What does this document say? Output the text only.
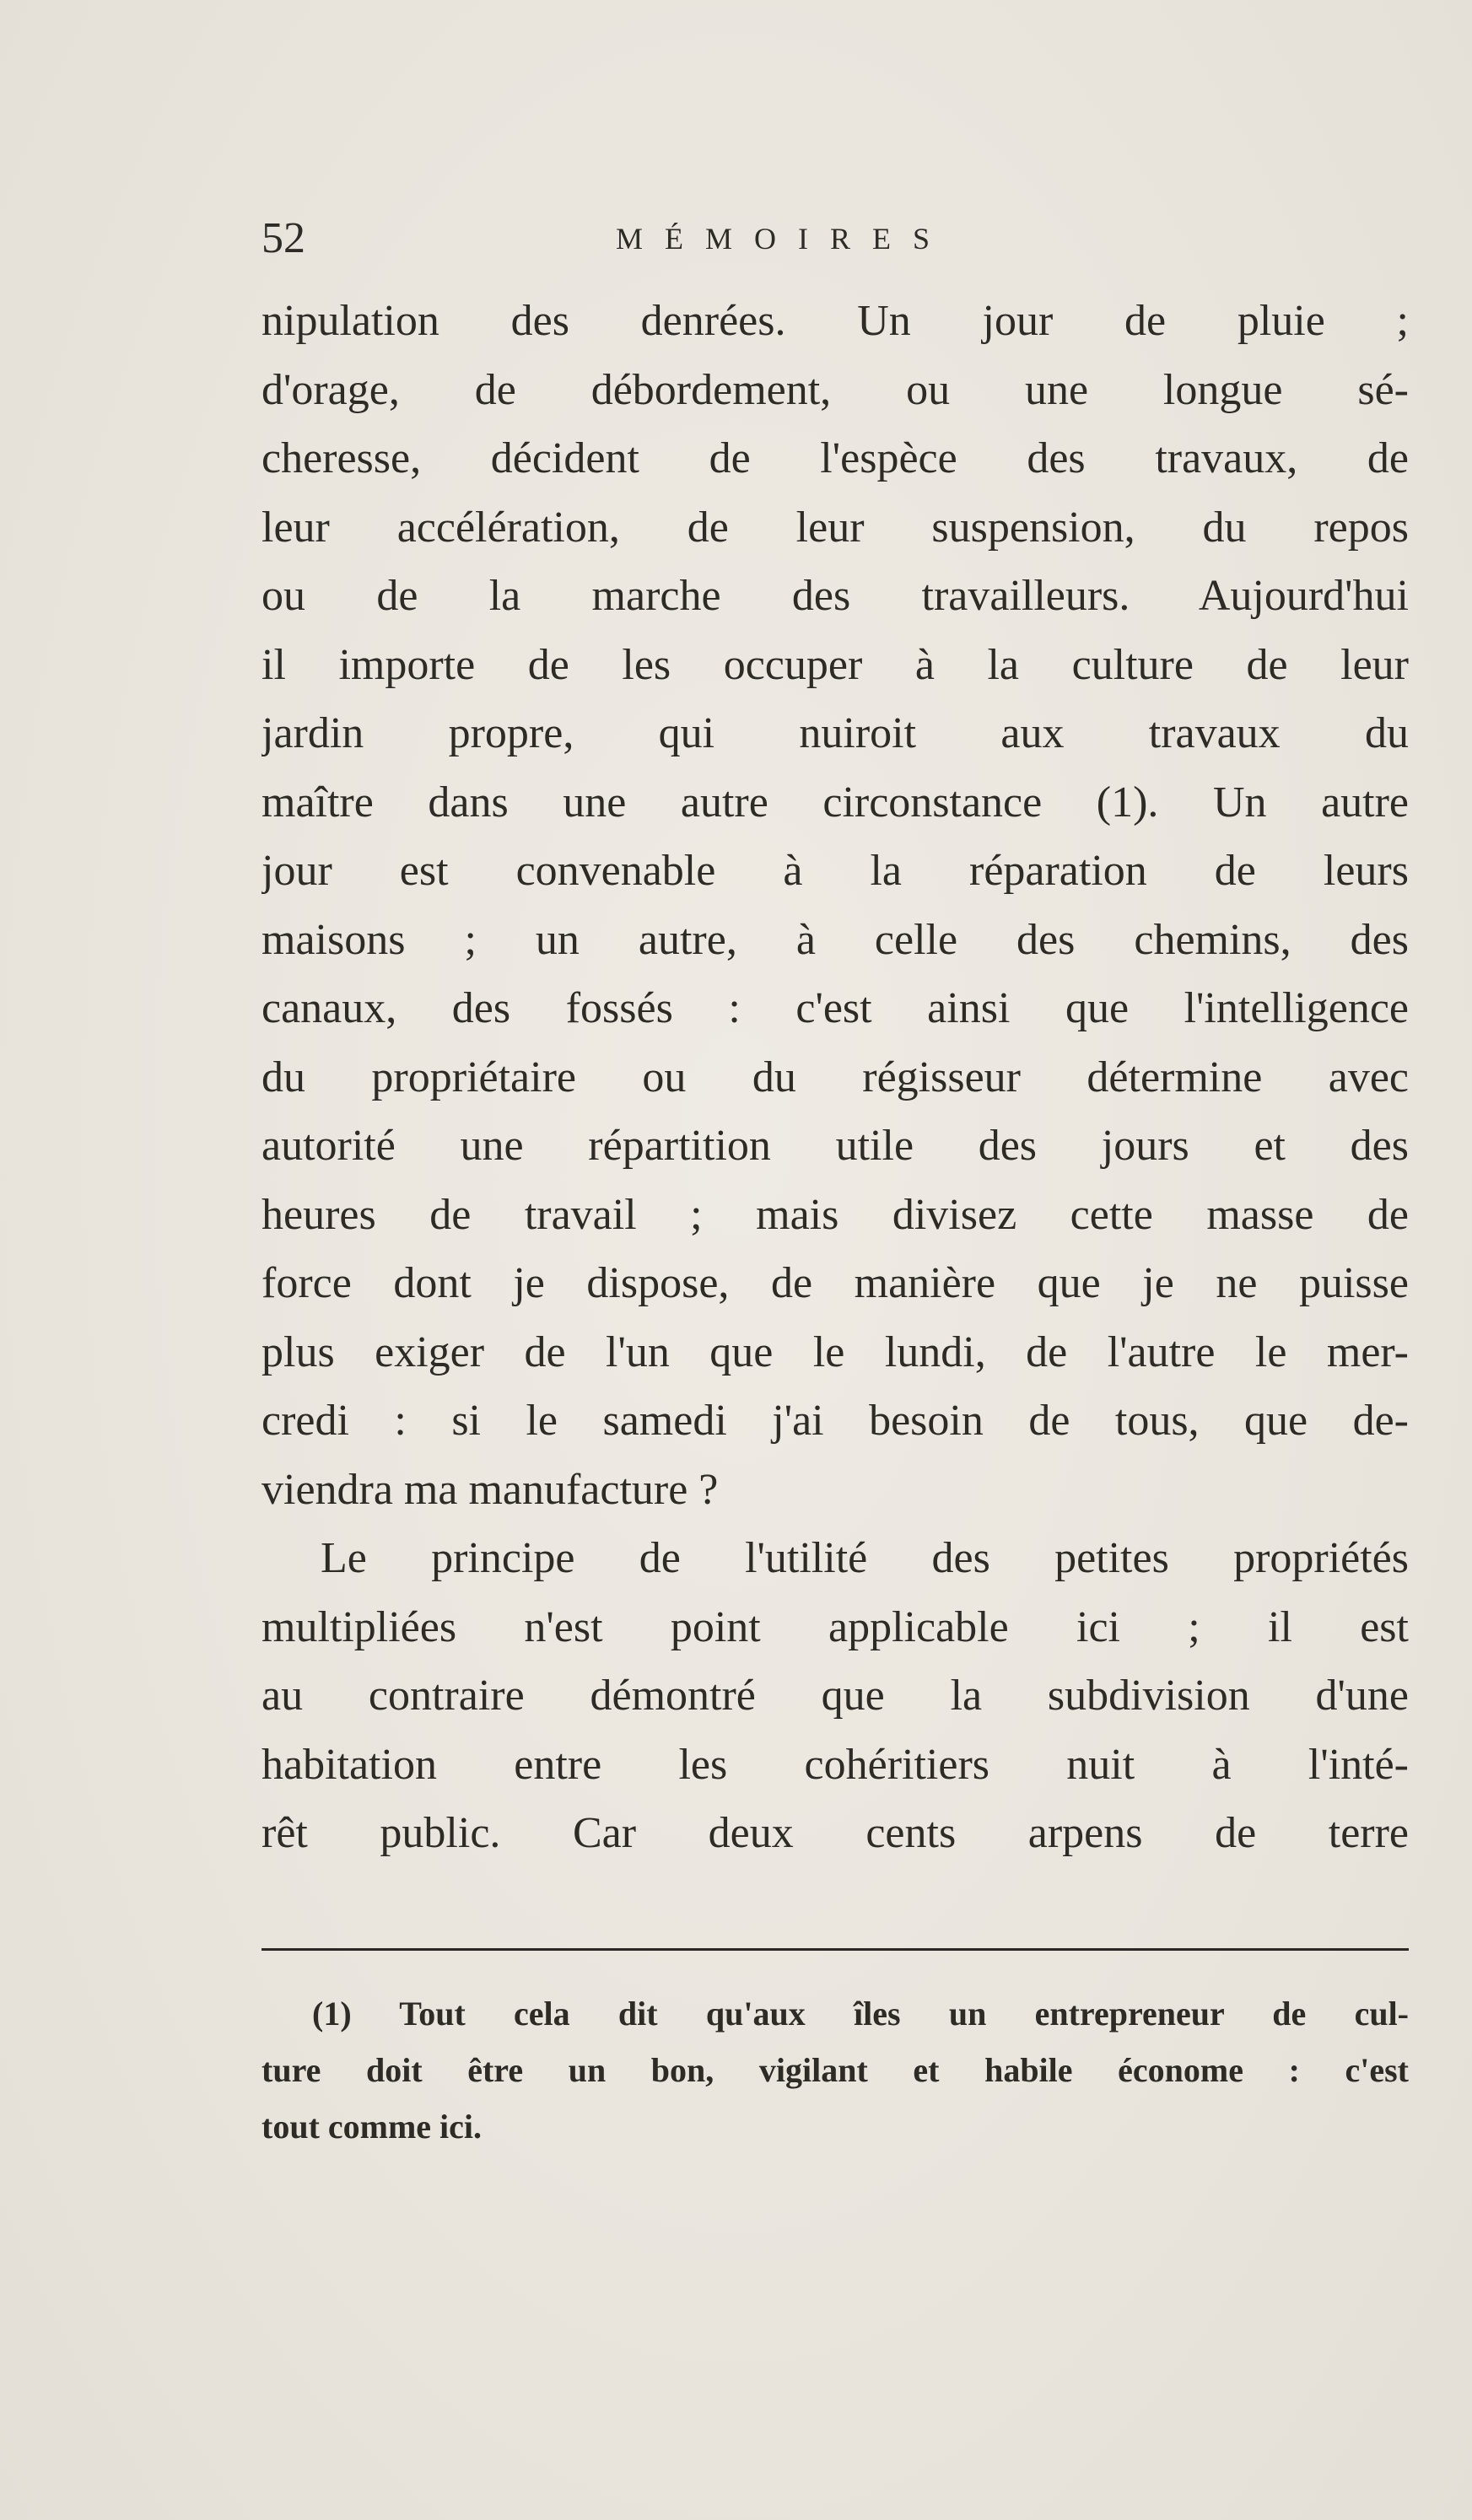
52	MÉMOIRES
nipulation des denrées. Un jour de pluie ;
d'orage, de débordement, ou une longue sé-
cheresse, décident de l'espèce des travaux, de
leur accélération, de leur suspension, du repos
ou de la marche des travailleurs. Aujourd'hui
il importe de les occuper à la culture de leur
jardin propre, qui nuiroit aux travaux du
maître dans une autre circonstance (1). Un autre
jour est convenable à la réparation de leurs
maisons ; un autre, à celle des chemins, des
canaux, des fossés : c'est ainsi que l'intelligence
du propriétaire ou du régisseur détermine avec
autorité une répartition utile des jours et des
heures de travail ; mais divisez cette masse de
force dont je dispose, de manière que je ne puisse
plus exiger de l'un que le lundi, de l'autre le mer-
credi : si le samedi j'ai besoin de tous, que de-
viendra ma manufacture ?
Le principe de l'utilité des petites propriétés
multipliées n'est point applicable ici ; il est
au contraire démontré que la subdivision d'une
habitation entre les cohéritiers nuit à l'inté-
rêt public. Car deux cents arpens de terre
(1) Tout cela dit qu'aux îles un entrepreneur de cul-
ture doit être un bon, vigilant et habile économe : c'est
tout comme ici.
